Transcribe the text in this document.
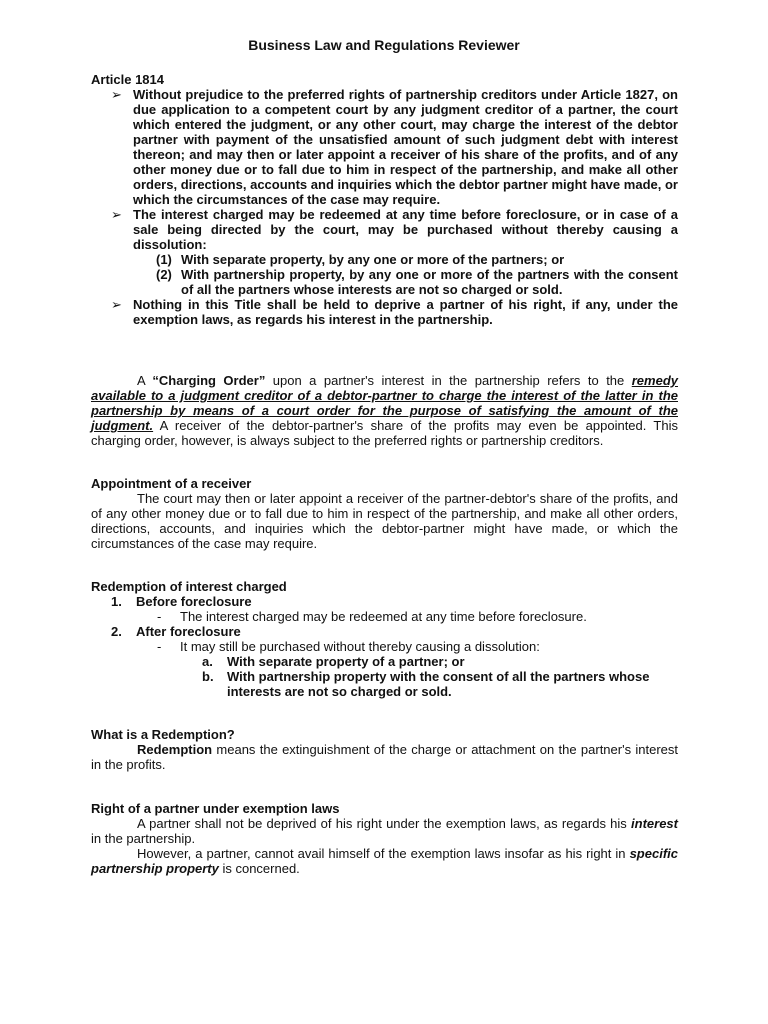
Business Law and Regulations Reviewer
Article 1814
➢ Without prejudice to the preferred rights of partnership creditors under Article 1827, on due application to a competent court by any judgment creditor of a partner, the court which entered the judgment, or any other court, may charge the interest of the debtor partner with payment of the unsatisfied amount of such judgment debt with interest thereon; and may then or later appoint a receiver of his share of the profits, and of any other money due or to fall due to him in respect of the partnership, and make all other orders, directions, accounts and inquiries which the debtor partner might have made, or which the circumstances of the case may require.
➢ The interest charged may be redeemed at any time before foreclosure, or in case of a sale being directed by the court, may be purchased without thereby causing a dissolution:
(1) With separate property, by any one or more of the partners; or
(2) With partnership property, by any one or more of the partners with the consent of all the partners whose interests are not so charged or sold.
➢ Nothing in this Title shall be held to deprive a partner of his right, if any, under the exemption laws, as regards his interest in the partnership.
A “Charging Order” upon a partner's interest in the partnership refers to the remedy available to a judgment creditor of a debtor-partner to charge the interest of the latter in the partnership by means of a court order for the purpose of satisfying the amount of the judgment. A receiver of the debtor-partner's share of the profits may even be appointed. This charging order, however, is always subject to the preferred rights or partnership creditors.
Appointment of a receiver
The court may then or later appoint a receiver of the partner-debtor's share of the profits, and of any other money due or to fall due to him in respect of the partnership, and make all other orders, directions, accounts, and inquiries which the debtor-partner might have made, or which the circumstances of the case may require.
Redemption of interest charged
1.	Before foreclosure
-	The interest charged may be redeemed at any time before foreclosure.
2.	After foreclosure
-	It may still be purchased without thereby causing a dissolution:
a.	With separate property of a partner; or
b.	With partnership property with the consent of all the partners whose interests are not so charged or sold.
What is a Redemption?
Redemption means the extinguishment of the charge or attachment on the partner's interest in the profits.
Right of a partner under exemption laws
A partner shall not be deprived of his right under the exemption laws, as regards his interest in the partnership.
However, a partner, cannot avail himself of the exemption laws insofar as his right in specific partnership property is concerned.
